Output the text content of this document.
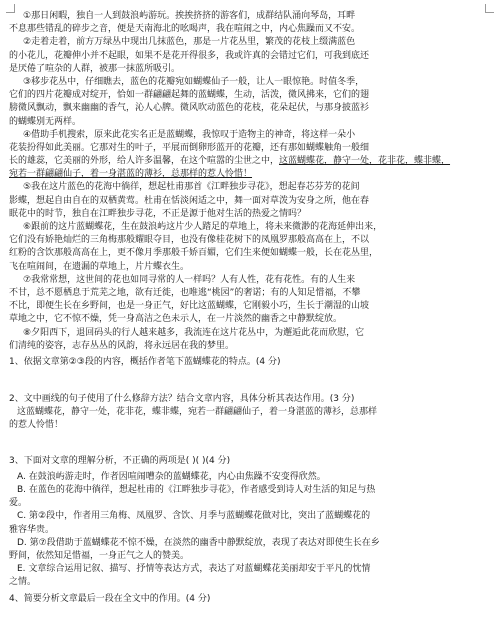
①那日闲暇，独自一人到鼓浪屿游玩。挨挨挤挤的游客们，成群结队涌向琴岛，耳畔
不息那些错乱的碎步之音，便是天南海北的吆喝声，我在喧闹之中，内心焦躁而又不安。
②走着走着，前方万绿丛中现出几抹蓝色，那是一片花丛里，繁茂的花枝上缀满蓝色
的小花儿，花瓣伸小并不起眼，如果不是花开得很多，我或许真的会错过它们，可我到底还
是厌倦了喧杂的人群，被那一抹蓝所吸引。
③移步花丛中，仔细瞧去，蓝色的花瓣宛如蝴蝶仙子一般，让人一眼惊艳。时值冬季，
它们的四片花瓣成对绽开，恰如一群翩翩起舞的蓝蝴蝶，生动，活泼，微风拂来，它们的翅
膀微风飘动，飘来幽幽的香气，沁人心脾。微风吹动蓝色的花枝，花朵起伏，与那身披蓝衫
的蝴蝶别无两样。
④借助手机搜索，原来此花实名正是蓝蝴蝶，我惊叹于造物主的神奇，将这样一朵小
花装扮得如此美丽。它那对生的叶子，平展而倒卵形蓝开的花瓣，还有那如蝴蝶触角一般细
长的雄蕊，它美丽的外形，给人许多温馨，在这个喧嚣的尘世之中，这蓝蝴蝶花，静守一处，花非花，蝶非蝶，
宛若一群翩翩仙子，着一身湛蓝的薄衫，总那样的惹人怜惜！
⑤我在这片蓝色的花海中徜徉，想起杜甫那首《江畔独步寻花》，想起春芯芬芳的花间
影蝶，想起自由自在的双栖黄莺。杜甫在恬淡闲适之中，舞一面对草泼为安身之所，他在春
眠花中的时节，独自在江畔独步寻花，不正是源于他对生活的热爱之情吗？
⑥跟前的这片蓝蝴蝶花，生在鼓浪屿这片少人踏足的草地上，将未来微渺的花海延伸出来，
它们没有娇艳灿烂的三角梅那般耀眼夺目，也没有像桂花树下的凤凰罗那般高高在上，不以
红粉的含饮那般高高在上，更不像月季那般千娇百媚，它们生来便如蝴蝶一般，长在花丛里，
飞在喧闹间，在遗漏的草地上，片片蝶衣生。
⑦我常常想，这世间的花也如同寻常的人一样吗？人有人性，花有花性。有的人生来
不甘，总不愿栖息于荒芜之地，欲有迁徙，也唯逃“桃园”的奢诺；有的人知足惜福，不攀
不比，即便生长在乡野间，也是一身正气，好比这蓝蝴蝶，它刚毅小巧，生长于潮湿的山坡
草地之中，它不惊不燥，凭一身高洁之色未示人，在一片淡然的幽香之中静默绽放。
⑧夕阳西下，退回码头的行人越来越多，我流连在这片花丛中，为邂逅此花而欣慰，它
们清纯的姿容，志存丛丛的风韵，将永远居在我的梦里。
1、依据文章第②③段的内容，概括作者笔下蓝蝴蝶花的特点。(4 分)
2、文中画线的句子使用了什么修辞方法？结合文章内容，具体分析其表达作用。(3 分)
这蓝蝴蝶花，静守一处，花非花，蝶非蝶，宛若一群翩翩仙子，着一身湛蓝的薄衫，总那样
的惹人怜惜！
3、下面对文章的理解分析，不正确的两项是( )( )(4 分)
A. 在鼓浪屿游走时，作者因喧闹嘈杂的蓝蝴蝶花，内心由焦躁不安变得欣然。
B. 在蓝色的花海中徜徉，想起杜甫的《江畔独步寻花》，作者感受到诗人对生活的知足与热
爱。
C. 第②段中，作者用三角梅、凤凰罗、含饮、月季与蓝蝴蝶花做对比，突出了蓝蝴蝶花的
雅容华贵。
D. 第⑦段借助于蓝蝴蝶花不惊不燥，在淡然的幽香中静默绽放，表现了表达对即使生长在乡
野间，依然知足惜福，一身正气之人的赞美。
E. 文章综合运用记叙、描写、抒情等表达方式，表达了对蓝蝴蝶花美丽却安于平凡的忱情
之情。
4、简要分析文章最后一段在全文中的作用。(4 分)
